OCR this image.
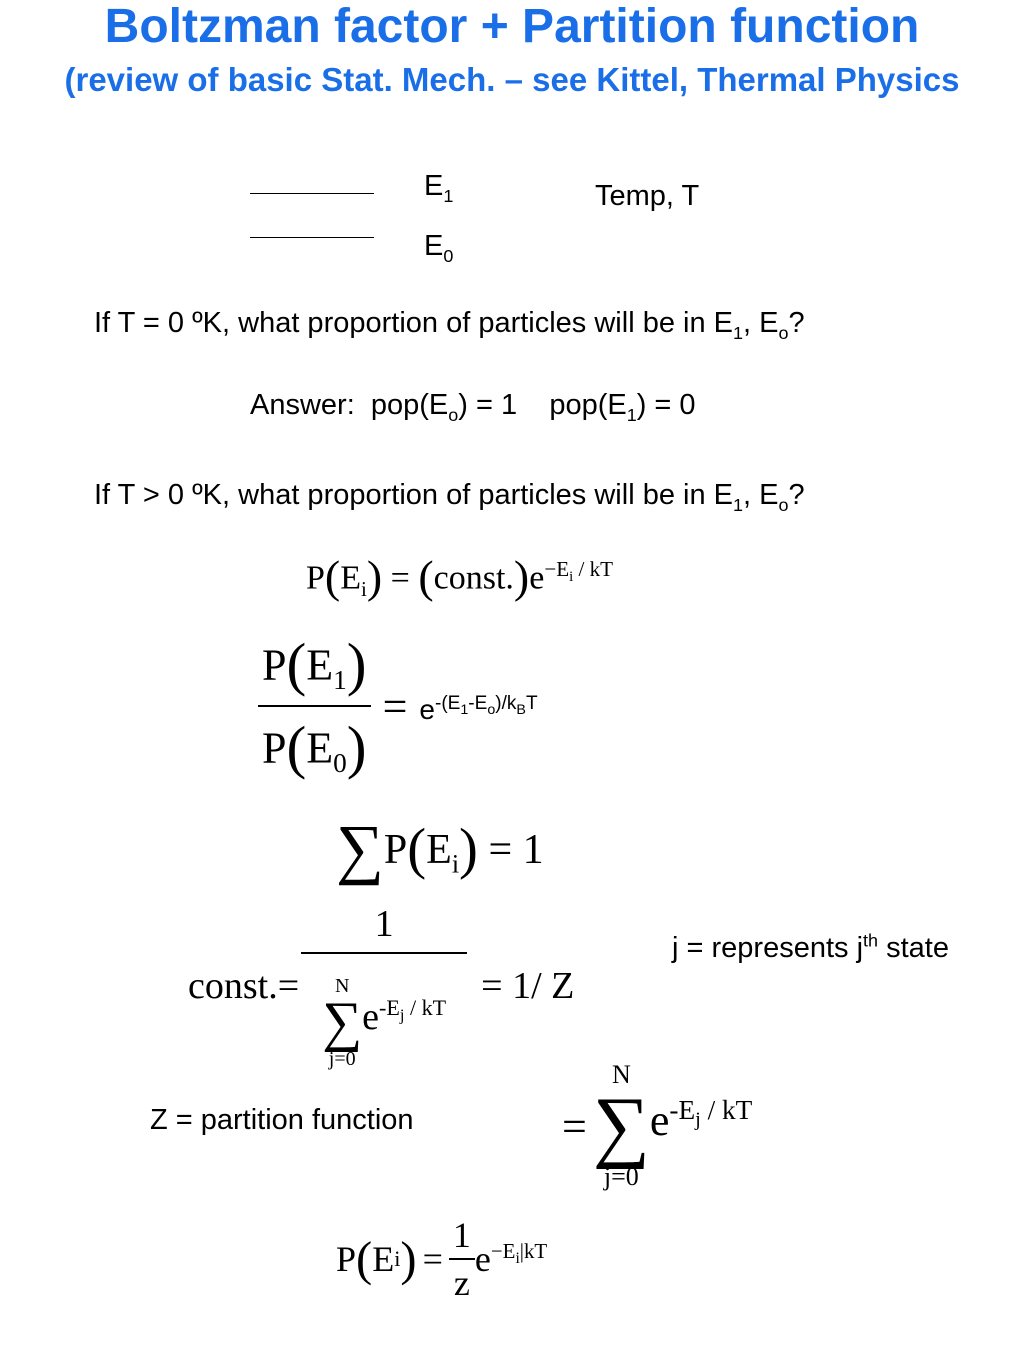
Boltzman factor + Partition function
(review of basic Stat. Mech. – see Kittel, Thermal Physics
$E_1$
$E_0$
Temp, T
If T = 0 ºK, what proportion of particles will be in $E_1$, $E_o$?
Answer:  $pop(E_o) = 1$    $pop(E_1) = 0$
If T > 0 ºK, what proportion of particles will be in $E_1$, $E_o$?
$P(E_i)$ = $(const.)e^{-E_i / kT}$
$\frac{P(E_1)}{P(E_0)} = e^{-(E_1-E_o)/k_BT}$
$\sum P(E_i) = 1$
const.= 1
N
∑
j=0
$e^{-E_j / kT} = 1/$ Z
j = represents $j^{th}$ state
Z = partition function	=
N
∑
j=0
$e^{-E_j / kT}$
P ( E i ) = $\frac{1}{z} e^{-E_i|kT}$
